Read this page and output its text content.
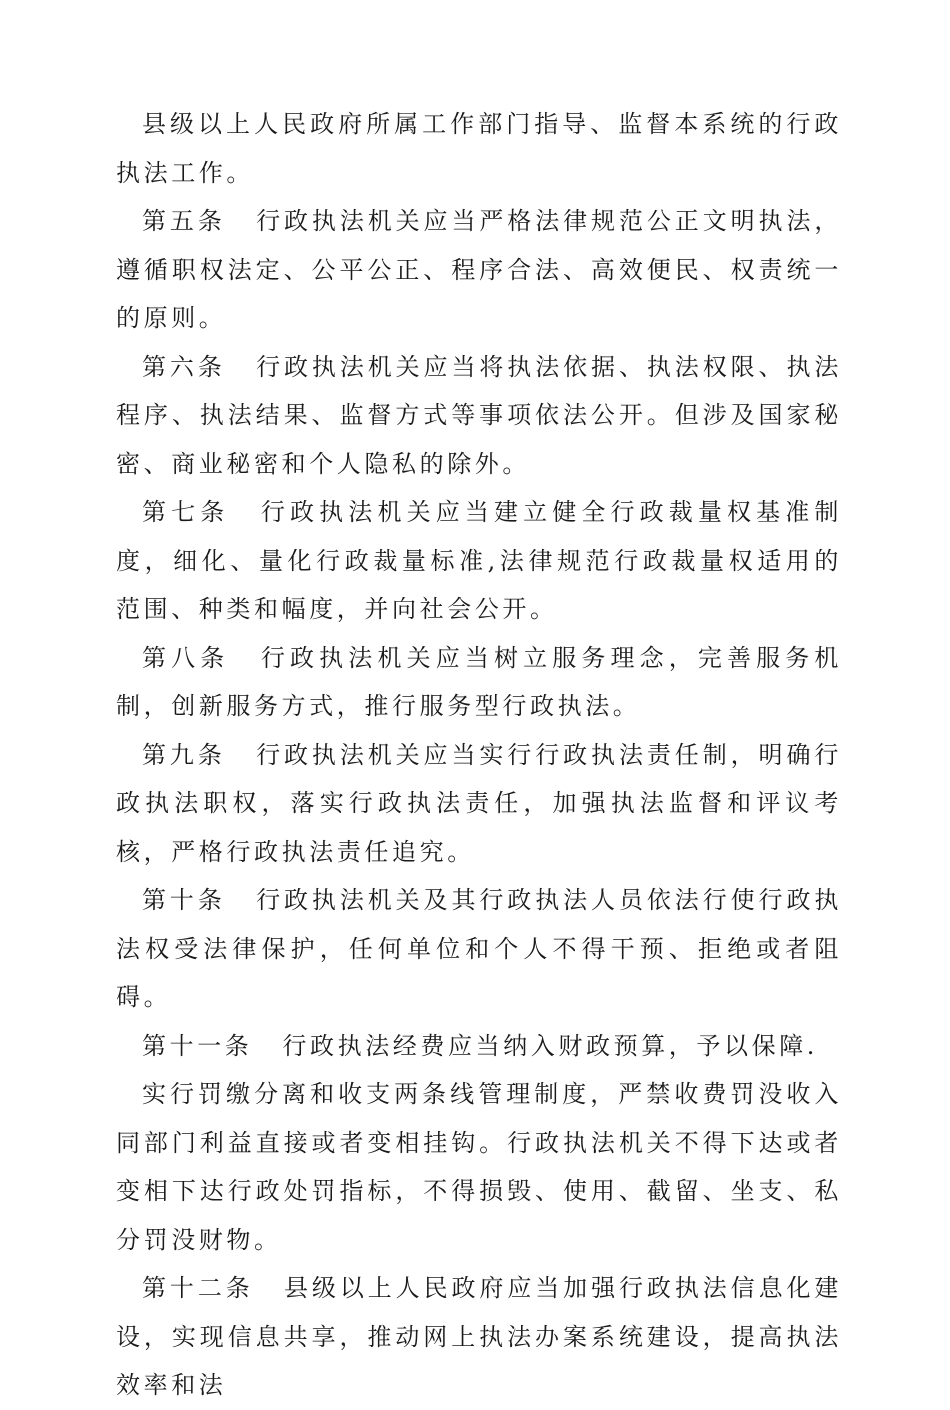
县级以上人民政府所属工作部门指导、监督本系统的行政执法工作。

第五条 行政执法机关应当严格法律规范公正文明执法，遵循职权法定、公平公正、程序合法、高效便民、权责统一的原则。

第六条 行政执法机关应当将执法依据、执法权限、执法程序、执法结果、监督方式等事项依法公开。但涉及国家秘密、商业秘密和个人隐私的除外。

第七条 行政执法机关应当建立健全行政裁量权基准制度，细化、量化行政裁量标准,法律规范行政裁量权适用的范围、种类和幅度，并向社会公开。

第八条 行政执法机关应当树立服务理念，完善服务机制，创新服务方式，推行服务型行政执法。

第九条 行政执法机关应当实行行政执法责任制，明确行政执法职权，落实行政执法责任，加强执法监督和评议考核，严格行政执法责任追究。

第十条 行政执法机关及其行政执法人员依法行使行政执法权受法律保护，任何单位和个人不得干预、拒绝或者阻碍。

第十一条 行政执法经费应当纳入财政预算，予以保障.

实行罚缴分离和收支两条线管理制度，严禁收费罚没收入同部门利益直接或者变相挂钩。行政执法机关不得下达或者变相下达行政处罚指标，不得损毁、使用、截留、坐支、私分罚没财物。

第十二条 县级以上人民政府应当加强行政执法信息化建设，实现信息共享，推动网上执法办案系统建设，提高执法效率和法
